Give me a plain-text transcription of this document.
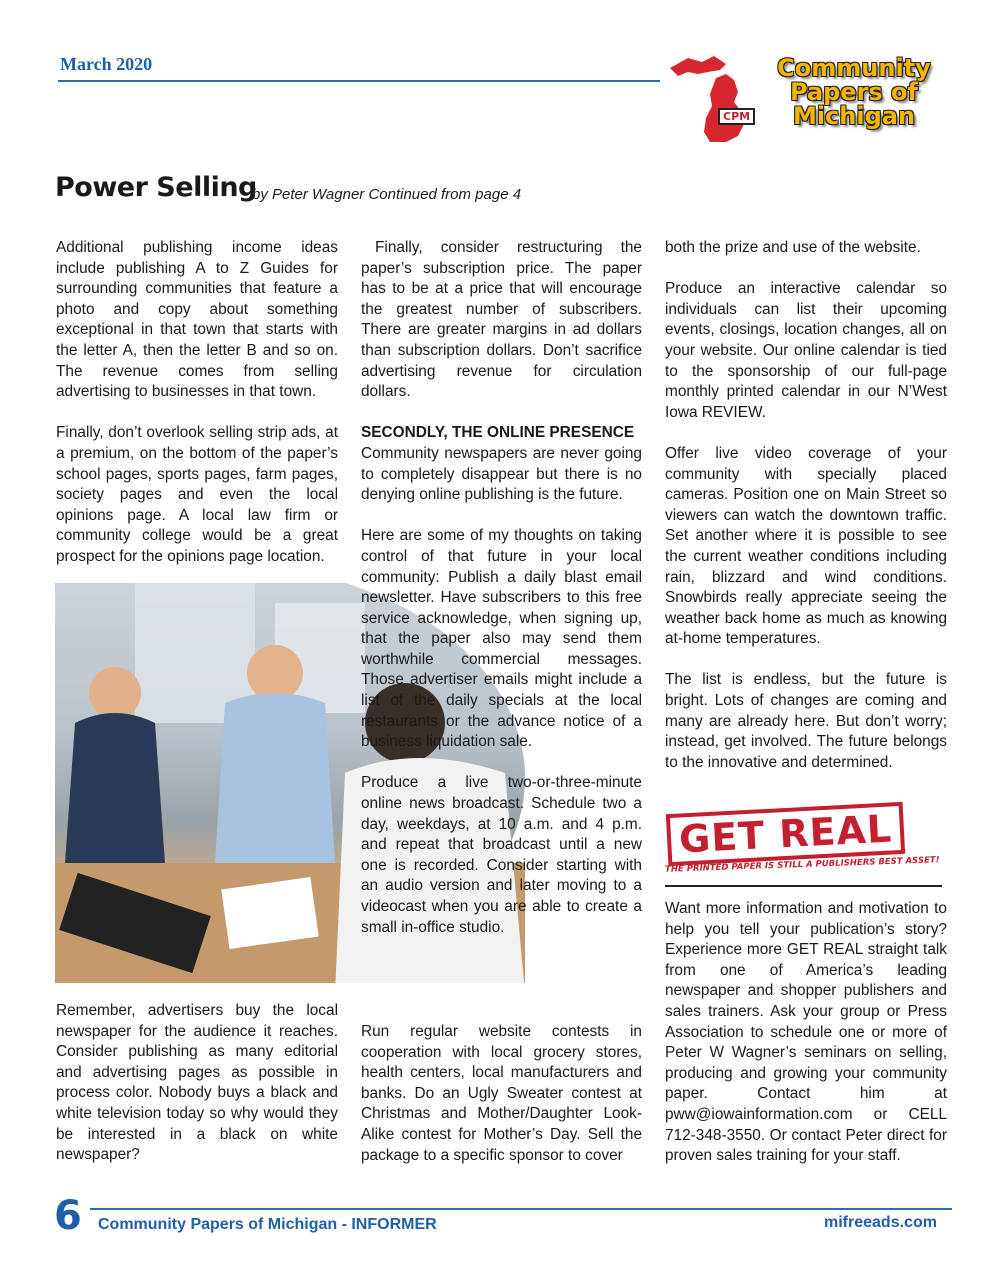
March 2020	Community
Papers of
Michigan
CPM
Power Selling
by Peter Wagner Continued from page 4

Additional publishing income ideas include publishing A to Z Guides for surrounding communities that feature a photo and copy about something exceptional in that town that starts with the letter A, then the letter B and so on. The revenue comes from selling advertising to businesses in that town.

Finally, don’t overlook selling strip ads, at a premium, on the bottom of the paper’s school pages, sports pages, farm pages, society pages and even the local opinions page. A local law firm or community college would be a great prospect for the opinions page location.

Remember, advertisers buy the local newspaper for the audience it reaches. Consider publishing as many editorial and advertising pages as possible in process color. Nobody buys a black and white television today so why would they be interested in a black on white newspaper?

Finally, consider restructuring the paper’s subscription price. The paper has to be at a price that will encourage the greatest number of subscribers. There are greater margins in ad dollars than subscription dollars. Don’t sacrifice advertising revenue for circulation dollars.

SECONDLY, THE ONLINE PRESENCE

Community newspapers are never going to completely disappear but there is no denying online publishing is the future.

Here are some of my thoughts on taking control of that future in your local community: Publish a daily blast email newsletter. Have subscribers to this free service acknowledge, when signing up, that the paper also may send them worthwhile commercial messages. Those advertiser emails might include a list of the daily specials at the local restaurants or the advance notice of a business liquidation sale.

Produce a live two-or-three-minute online news broadcast. Schedule two a day, weekdays, at 10 a.m. and 4 p.m. and repeat that broadcast until a new one is recorded. Consider starting with an audio version and later moving to a videocast when you are able to create a small in-office studio.

Run regular website contests in cooperation with local grocery stores, health centers, local manufacturers and banks. Do an Ugly Sweater contest at Christmas and Mother/Daughter Look-Alike contest for Mother’s Day. Sell the package to a specific sponsor to cover

both the prize and use of the website.

Produce an interactive calendar so individuals can list their upcoming events, closings, location changes, all on your website. Our online calendar is tied to the sponsorship of our full-page monthly printed calendar in our N’West Iowa REVIEW.

Offer live video coverage of your community with specially placed cameras. Position one on Main Street so viewers can watch the downtown traffic. Set another where it is possible to see the current weather conditions including rain, blizzard and wind conditions. Snowbirds really appreciate seeing the weather back home as much as knowing at-home temperatures.

The list is endless, but the future is bright. Lots of changes are coming and many are already here. But don’t worry; instead, get involved. The future belongs to the innovative and determined.

GET REAL
THE PRINTED PAPER IS STILL A PUBLISHERS BEST ASSET!

Want more information and motivation to help you tell your publication’s story? Experience more GET REAL straight talk from one of America’s leading newspaper and shopper publishers and sales trainers. Ask your group or Press Association to schedule one or more of Peter W Wagner’s seminars on selling, producing and growing your community paper. Contact him at pww@iowainformation.com or CELL 712-348-3550. Or contact Peter direct for proven sales training for your staff.

6 Community Papers of Michigan - INFORMER	mifreeads.com
